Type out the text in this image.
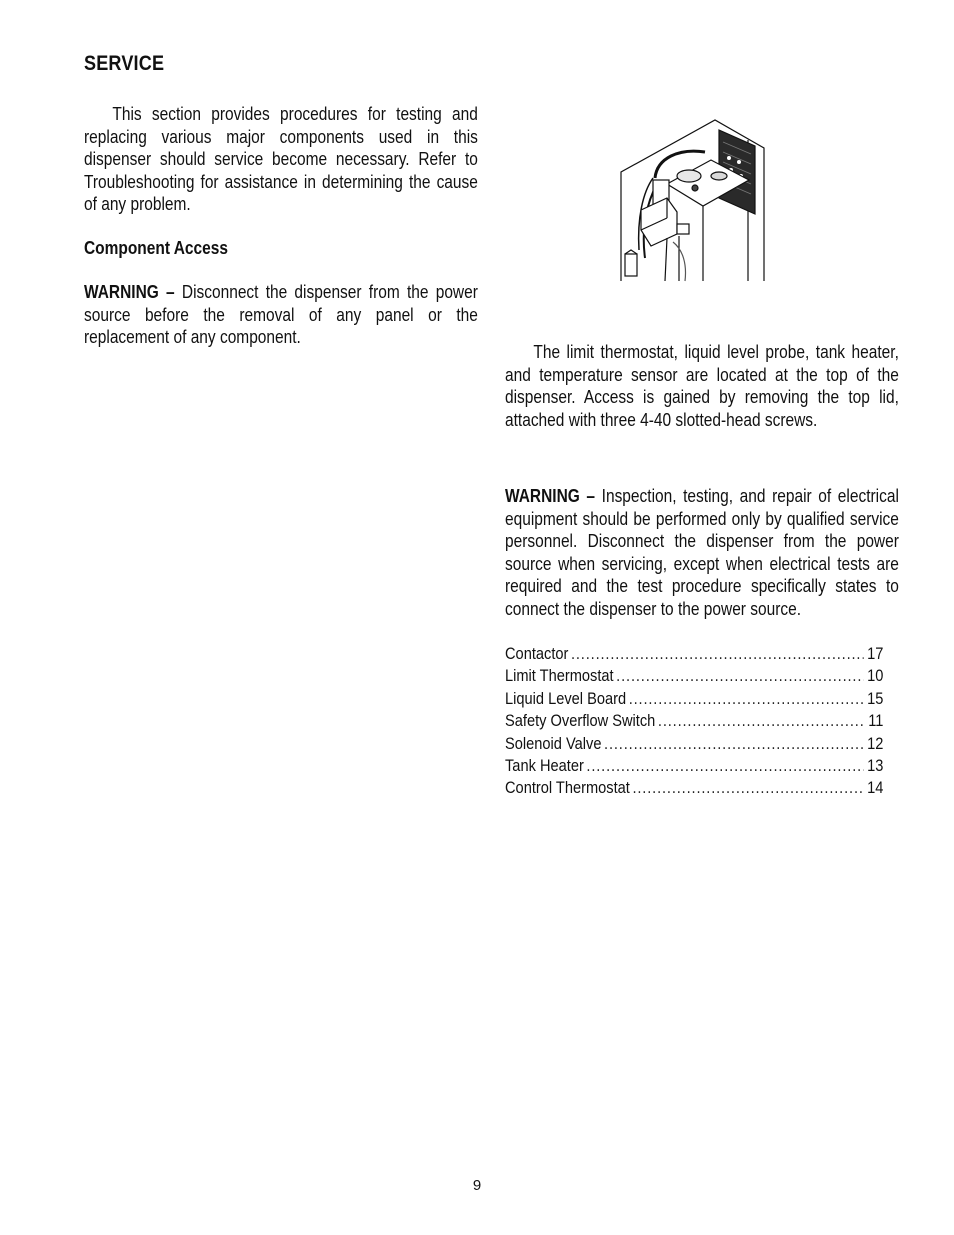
SERVICE

This section provides procedures for testing and replacing various major components used in this dispenser should service become necessary. Refer to Troubleshooting for assistance in determining the cause of any problem.

Component Access

WARNING – Disconnect the dispenser from the power source before the removal of any panel or the replacement of any component.

The limit thermostat, liquid level probe, tank heater, and temperature sensor are located at the top of the dispenser. Access is gained by removing the top lid, attached with three 4-40 slotted-head screws.

WARNING – Inspection, testing, and repair of electrical equipment should be performed only by qualified service personnel. Disconnect the dispenser from the power source when servicing, except when electrical tests are required and the test procedure specifically states to connect the dispenser to the power source.

Contactor .....	17
Limit Thermostat .....	10
Liquid Level Board .....	15
Safety Overflow Switch .....	11
Solenoid Valve .....	12
Tank Heater .....	13
Control Thermostat .....	14
9
